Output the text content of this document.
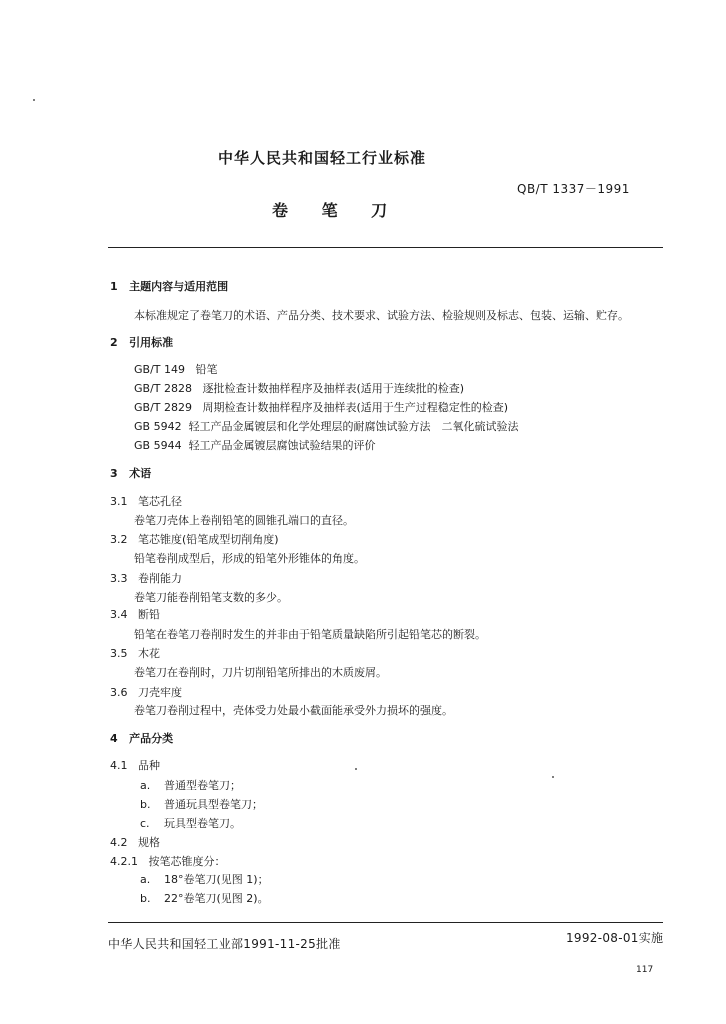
中华人民共和国轻工行业标准
QB/T 1337－1991
卷 笔 刀
1 主题内容与适用范围
本标准规定了卷笔刀的术语、产品分类、技术要求、试验方法、检验规则及标志、包装、运输、贮存。
2 引用标准
GB/T 149 铅笔
GB/T 2828 逐批检查计数抽样程序及抽样表(适用于连续批的检查)
GB/T 2829 周期检查计数抽样程序及抽样表(适用于生产过程稳定性的检查)
GB 5942 轻工产品金属镀层和化学处理层的耐腐蚀试验方法　二氧化硫试验法
GB 5944 轻工产品金属镀层腐蚀试验结果的评价
3 术语
3.1 笔芯孔径
卷笔刀壳体上卷削铅笔的圆锥孔端口的直径。
3.2 笔芯锥度(铅笔成型切削角度)
铅笔卷削成型后，形成的铅笔外形锥体的角度。
3.3 卷削能力
卷笔刀能卷削铅笔支数的多少。
3.4 断铅
铅笔在卷笔刀卷削时发生的并非由于铅笔质量缺陷所引起铅笔芯的断裂。
3.5 木花
卷笔刀在卷削时，刀片切削铅笔所排出的木质废屑。
3.6 刀壳牢度
卷笔刀卷削过程中，壳体受力处最小截面能承受外力损坏的强度。
4 产品分类
4.1 品种
a. 普通型卷笔刀；
b. 普通玩具型卷笔刀；
c. 玩具型卷笔刀。
4.2 规格
4.2.1 按笔芯锥度分：
a. 18°卷笔刀(见图 1)；
b. 22°卷笔刀(见图 2)。
中华人民共和国轻工业部1991-11-25批准	1992-08-01实施
117
